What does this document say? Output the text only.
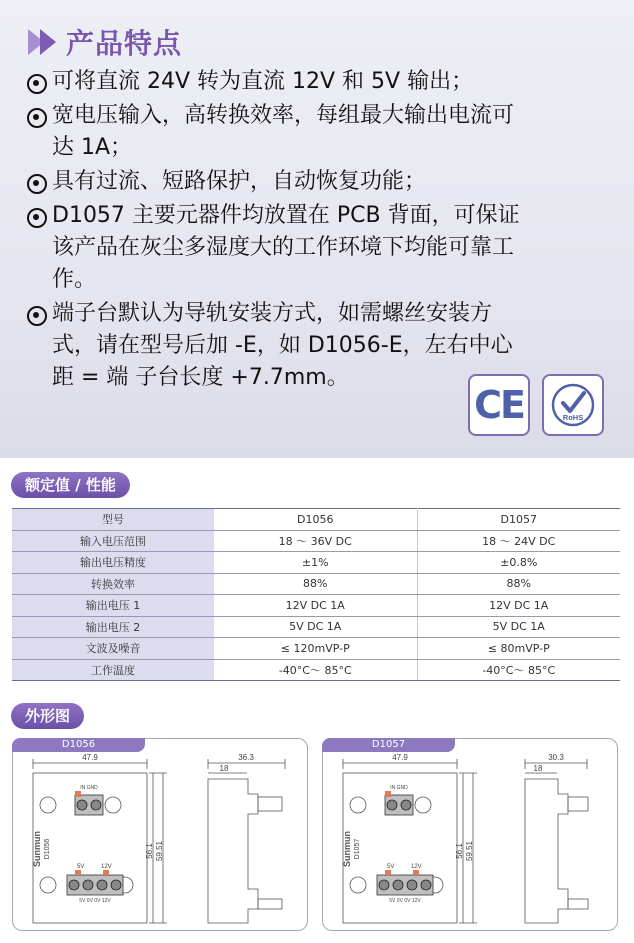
产品特点
可将直流 24V 转为直流 12V 和 5V 输出；
宽电压输入，高转换效率，每组最大输出电流可达 1A；
具有过流、短路保护，自动恢复功能；
D1057 主要元器件均放置在 PCB 背面，可保证该产品在灰尘多湿度大的工作环境下均能可靠工作。
端子台默认为导轨安装方式，如需螺丝安装方式，请在型号后加 -E，如 D1056-E，左右中心距 = 端 子台长度 +7.7mm。
CE	RoHS
额定值 / 性能
型号	D1056	D1057
输入电压范围	18 ～ 36V DC	18 ～ 24V DC
输出电压精度	±1%	±0.8%
转换效率	88%	88%
输出电压 1	12V DC 1A	12V DC 1A
输出电压 2	5V DC 1A	5V DC 1A
文波及噪音	≤ 120mVP-P	≤ 80mVP-P
工作温度	-40°C～ 85°C	-40°C～ 85°C
外形图
47.9	36.3
18
56.1 59.51
Sunmun D1056
IN GND
5V 0V 0V 12V
5V	12V
D1056
47.9	30.3
18
56.1 59.51
Sunmun D1057
IN GND
5V 0V 0V 12V
5V	12V
D1057
